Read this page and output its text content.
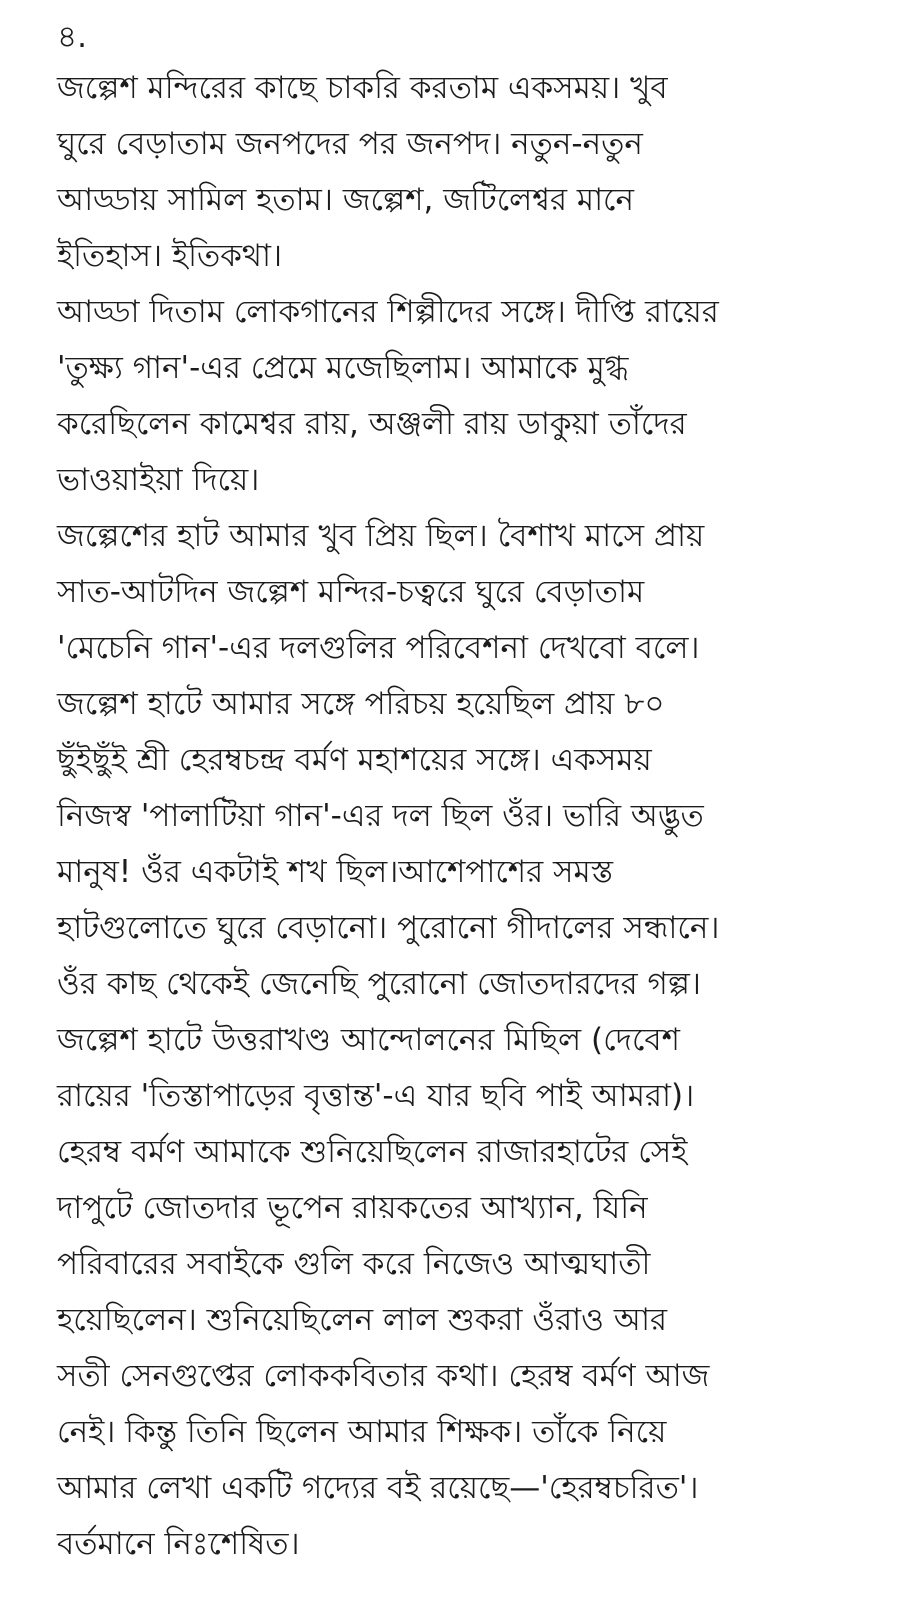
৪.
জল্পেশ মন্দিরের কাছে চাকরি করতাম একসময়। খুব
ঘুরে বেড়াতাম জনপদের পর জনপদ। নতুন-নতুন
আড্ডায় সামিল হতাম। জল্পেশ, জটিলেশ্বর মানে
ইতিহাস। ইতিকথা।
আড্ডা দিতাম লোকগানের শিল্পীদের সঙ্গে। দীপ্তি রায়ের
'তুক্ষ্য গান'-এর প্রেমে মজেছিলাম। আমাকে মুগ্ধ
করেছিলেন কামেশ্বর রায়, অঞ্জলী রায় ডাকুয়া তাঁদের
ভাওয়াইয়া দিয়ে।
জল্পেশের হাট আমার খুব প্রিয় ছিল। বৈশাখ মাসে প্রায়
সাত-আটদিন জল্পেশ মন্দির-চত্বরে ঘুরে বেড়াতাম
'মেচেনি গান'-এর দলগুলির পরিবেশনা দেখবো বলে।
জল্পেশ হাটে আমার সঙ্গে পরিচয় হয়েছিল প্রায় ৮০
ছুঁইছুঁই শ্রী হেরম্বচন্দ্র বর্মণ মহাশয়ের সঙ্গে। একসময়
নিজস্ব 'পালাটিয়া গান'-এর দল ছিল ওঁর। ভারি অদ্ভুত
মানুষ! ওঁর একটাই শখ ছিল।আশেপাশের সমস্ত
হাটগুলোতে ঘুরে বেড়ানো। পুরোনো গীদালের সন্ধানে।
ওঁর কাছ থেকেই জেনেছি পুরোনো জোতদারদের গল্প।
জল্পেশ হাটে উত্তরাখণ্ড আন্দোলনের মিছিল (দেবেশ
রায়ের 'তিস্তাপাড়ের বৃত্তান্ত'-এ যার ছবি পাই আমরা)।
হেরম্ব বর্মণ আমাকে শুনিয়েছিলেন রাজারহাটের সেই
দাপুটে জোতদার ভূপেন রায়কতের আখ্যান, যিনি
পরিবারের সবাইকে গুলি করে নিজেও আত্মঘাতী
হয়েছিলেন। শুনিয়েছিলেন লাল শুকরা ওঁরাও আর
সতী সেনগুপ্তের লোককবিতার কথা। হেরম্ব বর্মণ আজ
নেই। কিন্তু তিনি ছিলেন আমার শিক্ষক। তাঁকে নিয়ে
আমার লেখা একটি গদ্যের বই রয়েছে—'হেরম্বচরিত'।
বর্তমানে নিঃশেষিত।
